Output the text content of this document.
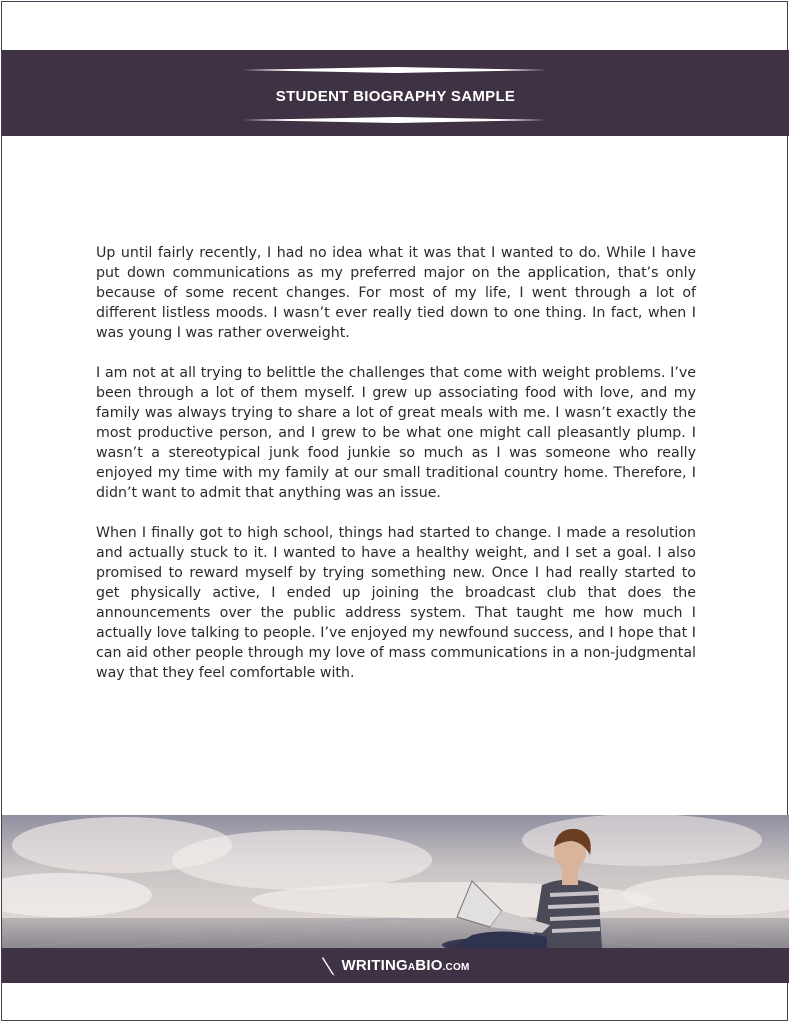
STUDENT BIOGRAPHY SAMPLE

Up until fairly recently, I had no idea what it was that I wanted to do. While I have put down communications as my preferred major on the application, that’s only because of some recent changes. For most of my life, I went through a lot of different listless moods. I wasn’t ever really tied down to one thing. In fact, when I was young I was rather overweight.

I am not at all trying to belittle the challenges that come with weight problems. I’ve been through a lot of them myself. I grew up associating food with love, and my family was always trying to share a lot of great meals with me. I wasn’t exactly the most productive person, and I grew to be what one might call pleasantly plump. I wasn’t a stereotypical junk food junkie so much as I was someone who really enjoyed my time with my family at our small traditional country home. Therefore, I didn’t want to admit that anything was an issue.

When I finally got to high school, things had started to change. I made a resolution and actually stuck to it. I wanted to have a healthy weight, and I set a goal. I also promised to reward myself by trying something new. Once I had really started to get physically active, I ended up joining the broadcast club that does the announcements over the public address system. That taught me how much I actually love talking to people. I’ve enjoyed my newfound success, and I hope that I can aid other people through my love of mass communications in a non-judgmental way that they feel comfortable with.

WRITINGABIO.COM
